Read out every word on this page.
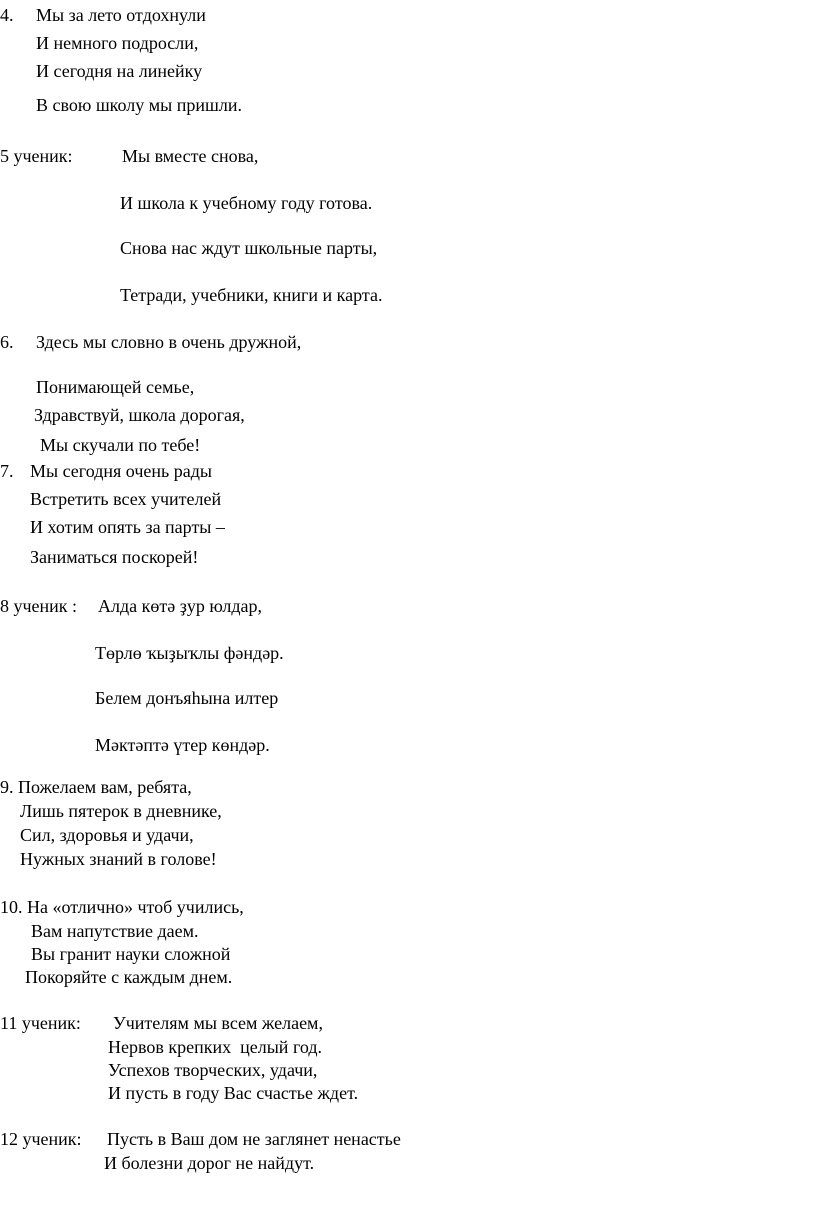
4. Мы за лето отдохнули
И немного подросли,
И сегодня на линейку
В свою школу мы пришли.
5 ученик:	Мы вместе снова,
И школа к учебному году готова.
Снова нас ждут школьные парты,
Тетради, учебники, книги и карта.
6. Здесь мы словно в очень дружной,
Понимающей семье,
Здравствуй, школа дорогая,
Мы скучали по тебе!
7. Мы сегодня очень рады
Встретить всех учителей
И хотим опять за парты –
Заниматься поскорей!
8 ученик : Алда көтә ҙур юлдар,
Төрлө ҡыҙыҡлы фәндәр.
Белем донъяһына илтер
Мәктәптә үтер көндәр.
9. Пожелаем вам, ребята,
Лишь пятерок в дневнике,
Сил, здоровья и удачи,
Нужных знаний в голове!
10. На «отлично» чтоб учились,
Вам напутствие даем.
Вы гранит науки сложной
Покоряйте с каждым днем.
11 ученик: Учителям мы всем желаем,
Нервов крепких  целый год.
Успехов творческих, удачи,
И пусть в году Вас счастье ждет.
12 ученик: Пусть в Ваш дом не заглянет ненастье
И болезни дорог не найдут.
